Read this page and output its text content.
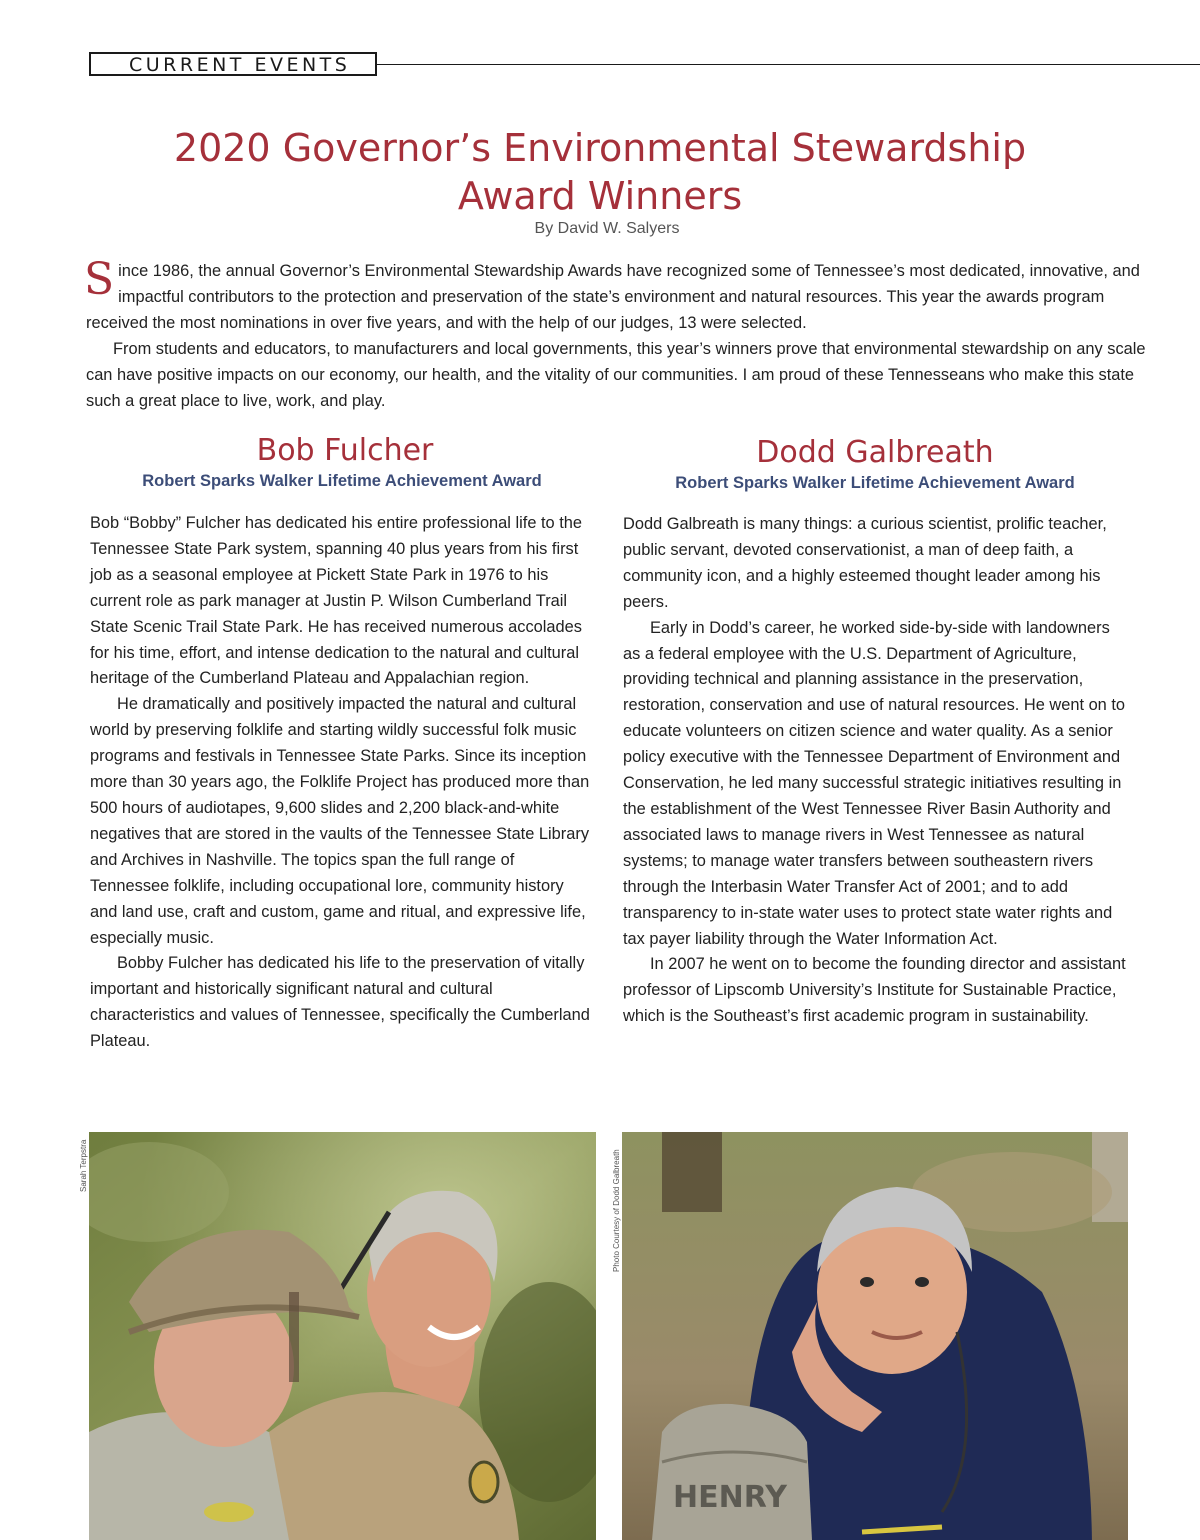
CURRENT EVENTS
2020 Governor’s Environmental Stewardship
Award Winners
By David W. Salyers

Since 1986, the annual Governor’s Environmental Stewardship Awards have recognized some of Tennessee’s most dedicated, innovative, and impactful contributors to the protection and preservation of the state’s environment and natural resources. This year the awards program received the most nominations in over five years, and with the help of our judges, 13 were selected.

From students and educators, to manufacturers and local governments, this year’s winners prove that environmental stewardship on any scale can have positive impacts on our economy, our health, and the vitality of our communities. I am proud of these Tennesseans who make this state such a great place to live, work, and play.

Bob Fulcher
Robert Sparks Walker Lifetime Achievement Award

Bob “Bobby” Fulcher has dedicated his entire professional life to the Tennessee State Park system, spanning 40 plus years from his first job as a seasonal employee at Pickett State Park in 1976 to his current role as park manager at Justin P. Wilson Cumberland Trail State Scenic Trail State Park. He has received numerous accolades for his time, effort, and intense dedication to the natural and cultural heritage of the Cumberland Plateau and Appalachian region.

He dramatically and positively impacted the natural and cultural world by preserving folklife and starting wildly successful folk music programs and festivals in Tennessee State Parks. Since its inception more than 30 years ago, the Folklife Project has produced more than 500 hours of audiotapes, 9,600 slides and 2,200 black-and-white negatives that are stored in the vaults of the Tennessee State Library and Archives in Nashville. The topics span the full range of Tennessee folklife, including occupational lore, community history and land use, craft and custom, game and ritual, and expressive life, especially music.

Bobby Fulcher has dedicated his life to the preservation of vitally important and historically significant natural and cultural characteristics and values of Tennessee, specifically the Cumberland Plateau.

Dodd Galbreath
Robert Sparks Walker Lifetime Achievement Award

Dodd Galbreath is many things: a curious scientist, prolific teacher, public servant, devoted conservationist, a man of deep faith, a community icon, and a highly esteemed thought leader among his peers.

Early in Dodd’s career, he worked side-by-side with landowners as a federal employee with the U.S. Department of Agriculture, providing technical and planning assistance in the preservation, restoration, conservation and use of natural resources. He went on to educate volunteers on citizen science and water quality. As a senior policy executive with the Tennessee Department of Environment and Conservation, he led many successful strategic initiatives resulting in the establishment of the West Tennessee River Basin Authority and associated laws to manage rivers in West Tennessee as natural systems; to manage water transfers between southeastern rivers through the Interbasin Water Transfer Act of 2001; and to add transparency to in-state water uses to protect state water rights and tax payer liability through the Water Information Act.

In 2007 he went on to become the founding director and assistant professor of Lipscomb University’s Institute for Sustainable Practice, which is the Southeast’s first academic program in sustainability.

Sarah Terpstra	Photo Courtesy of Dodd Galbreath
HENRY
